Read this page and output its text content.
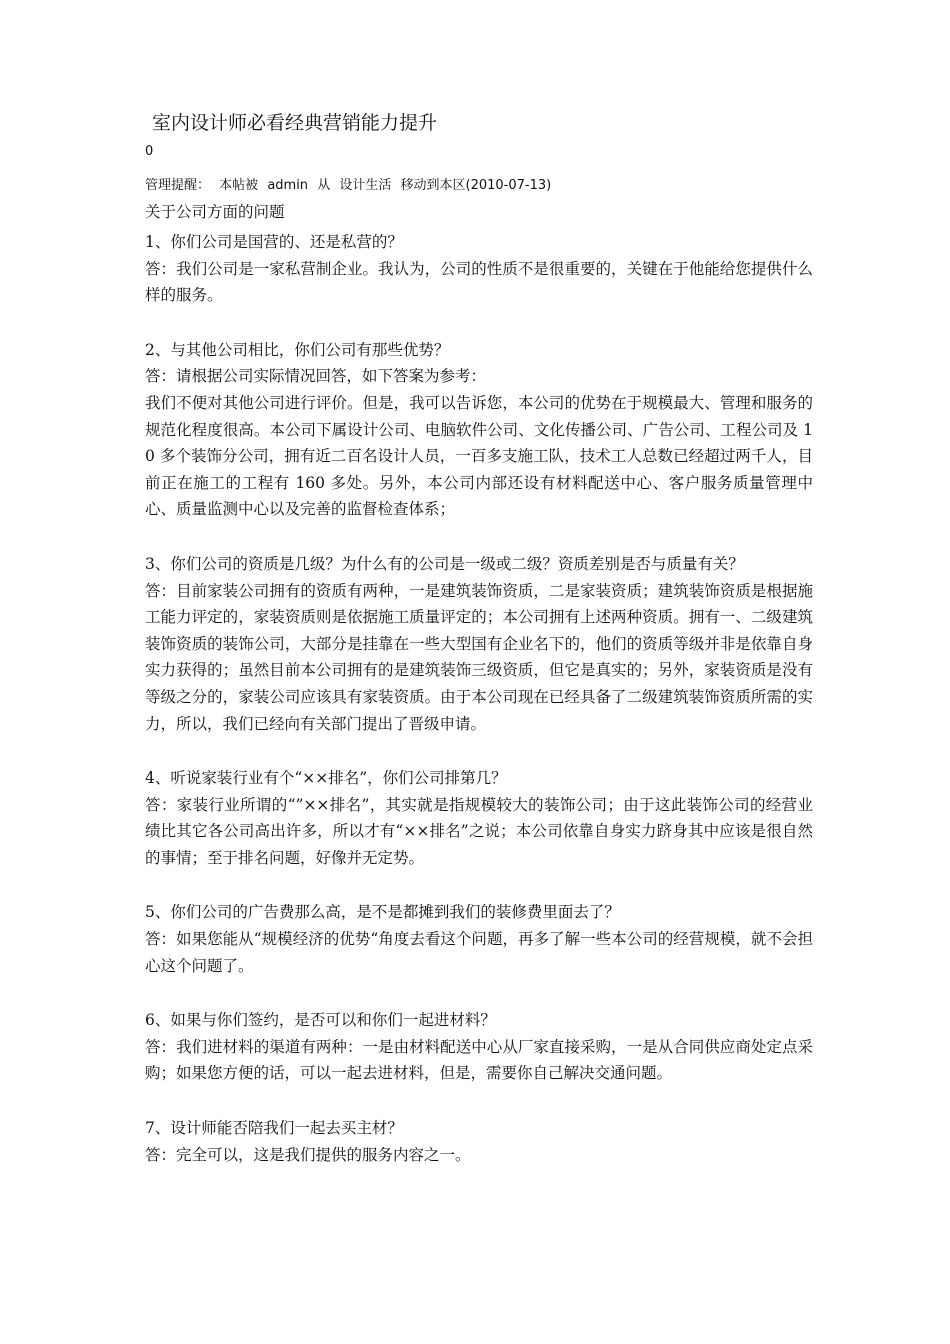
室内设计师必看经典营销能力提升
0
管理提醒： 本帖被 admin 从 设计生活 移动到本区(2010-07-13)
关于公司方面的问题
1、你们公司是国营的、还是私营的？

答：我们公司是一家私营制企业。我认为，公司的性质不是很重要的，关键在于他能给您提供什么样的服务。

2、与其他公司相比，你们公司有那些优势？

答：请根据公司实际情况回答，如下答案为参考：

我们不便对其他公司进行评价。但是，我可以告诉您，本公司的优势在于规模最大、管理和服务的规范化程度很高。本公司下属设计公司、电脑软件公司、文化传播公司、广告公司、工程公司及 10 多个装饰分公司，拥有近二百名设计人员，一百多支施工队，技术工人总数已经超过两千人，目前正在施工的工程有 160 多处。另外，本公司内部还设有材料配送中心、客户服务质量管理中心、质量监测中心以及完善的监督检查体系；

3、你们公司的资质是几级？为什么有的公司是一级或二级？资质差别是否与质量有关？

答：目前家装公司拥有的资质有两种，一是建筑装饰资质，二是家装资质；建筑装饰资质是根据施工能力评定的，家装资质则是依据施工质量评定的；本公司拥有上述两种资质。拥有一、二级建筑装饰资质的装饰公司，大部分是挂靠在一些大型国有企业名下的，他们的资质等级并非是依靠自身实力获得的；虽然目前本公司拥有的是建筑装饰三级资质，但它是真实的；另外，家装资质是没有等级之分的，家装公司应该具有家装资质。由于本公司现在已经具备了二级建筑装饰资质所需的实力，所以，我们已经向有关部门提出了晋级申请。

4、听说家装行业有个“××排名”，你们公司排第几？

答：家装行业所谓的“”××排名”，其实就是指规模较大的装饰公司；由于这此装饰公司的经营业绩比其它各公司高出许多，所以才有“××排名”之说；本公司依靠自身实力跻身其中应该是很自然的事情；至于排名问题，好像并无定势。

5、你们公司的广告费那么高，是不是都摊到我们的装修费里面去了？

答：如果您能从“规模经济的优势“角度去看这个问题，再多了解一些本公司的经营规模，就不会担心这个问题了。

6、如果与你们签约，是否可以和你们一起进材料？

答：我们进材料的渠道有两种：一是由材料配送中心从厂家直接采购，一是从合同供应商处定点采购；如果您方便的话，可以一起去进材料，但是，需要你自己解决交通问题。

7、设计师能否陪我们一起去买主材？

答：完全可以，这是我们提供的服务内容之一。
